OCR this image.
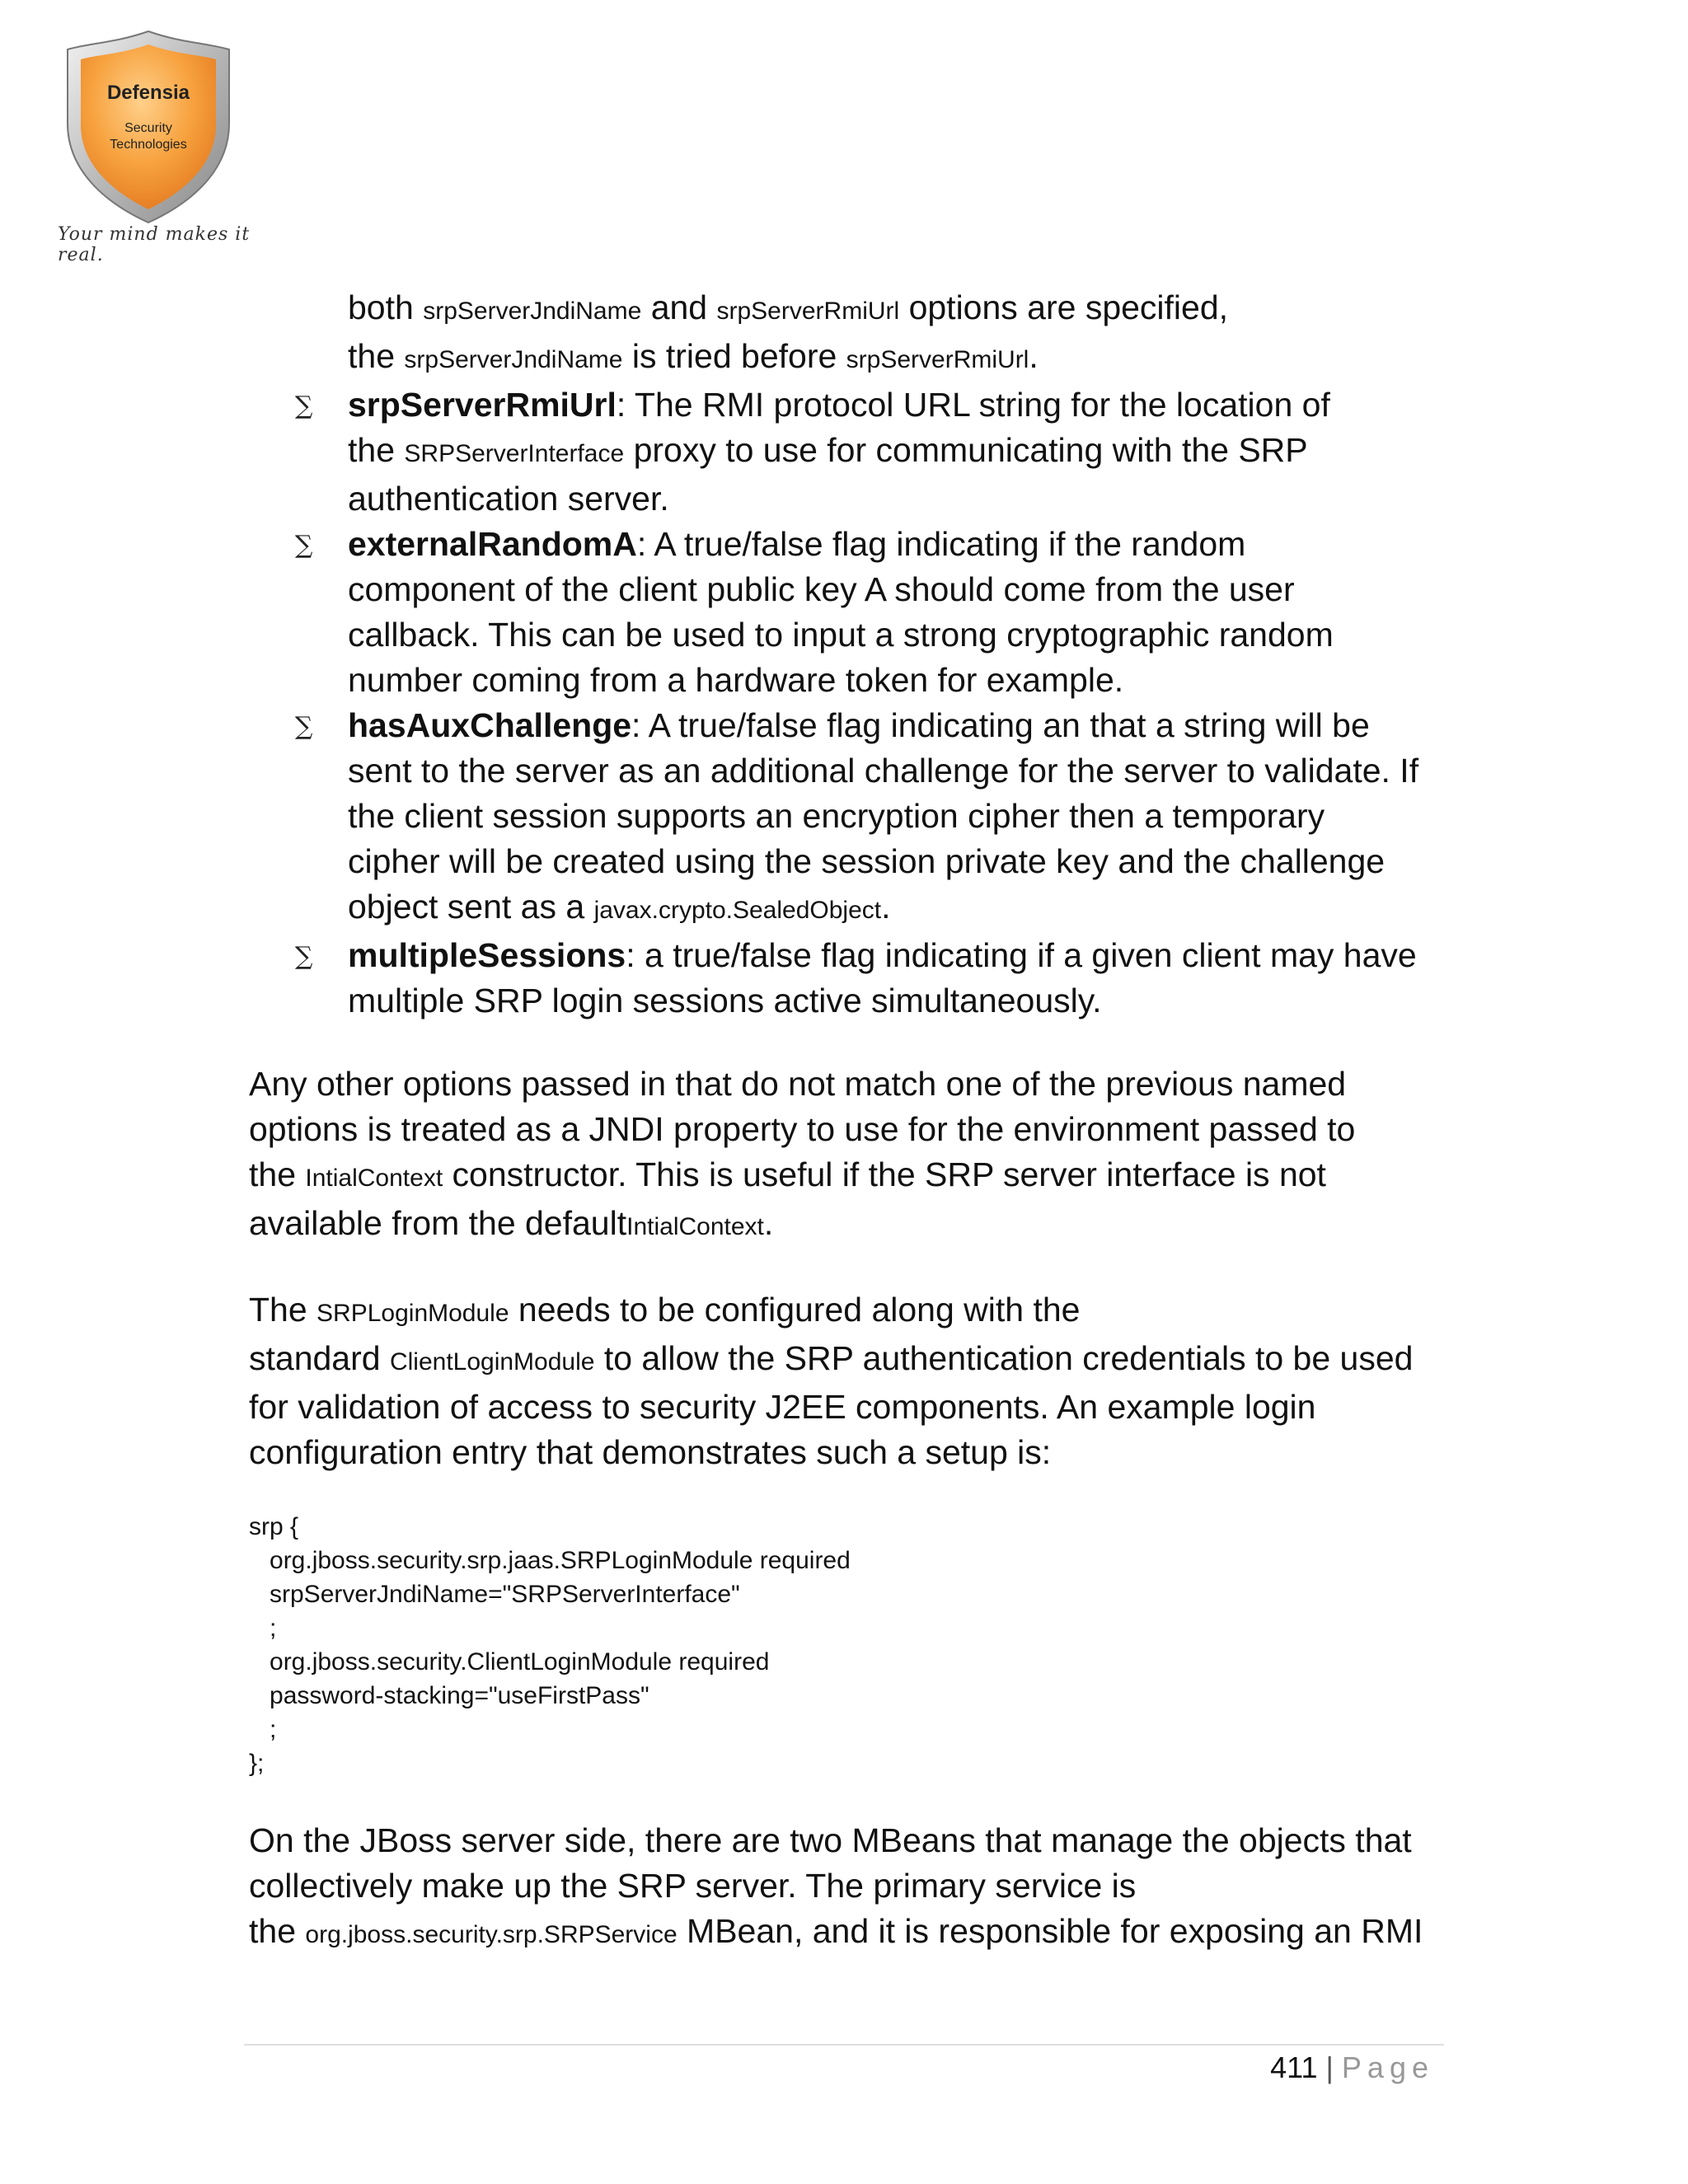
Defensia
Security
Technologies
Your mind makes it real.
both srpServerJndiName and srpServerRmiUrl options are specified,
the srpServerJndiName is tried before srpServerRmiUrl.
∑ srpServerRmiUrl: The RMI protocol URL string for the location of
the SRPServerInterface proxy to use for communicating with the SRP
authentication server.
∑ externalRandomA: A true/false flag indicating if the random
component of the client public key A should come from the user
callback. This can be used to input a strong cryptographic random
number coming from a hardware token for example.
∑ hasAuxChallenge: A true/false flag indicating an that a string will be
sent to the server as an additional challenge for the server to validate. If
the client session supports an encryption cipher then a temporary
cipher will be created using the session private key and the challenge
object sent as a javax.crypto.SealedObject.
∑ multipleSessions: a true/false flag indicating if a given client may have
multiple SRP login sessions active simultaneously.
Any other options passed in that do not match one of the previous named
options is treated as a JNDI property to use for the environment passed to
the IntialContext constructor. This is useful if the SRP server interface is not
available from the defaultIntialContext.
The SRPLoginModule needs to be configured along with the
standard ClientLoginModule to allow the SRP authentication credentials to be used
for validation of access to security J2EE components. An example login
configuration entry that demonstrates such a setup is:
srp {
org.jboss.security.srp.jaas.SRPLoginModule required
srpServerJndiName="SRPServerInterface"
;
org.jboss.security.ClientLoginModule required
password-stacking="useFirstPass"
;
};
On the JBoss server side, there are two MBeans that manage the objects that
collectively make up the SRP server. The primary service is
the org.jboss.security.srp.SRPService MBean, and it is responsible for exposing an RMI
411 | Page
